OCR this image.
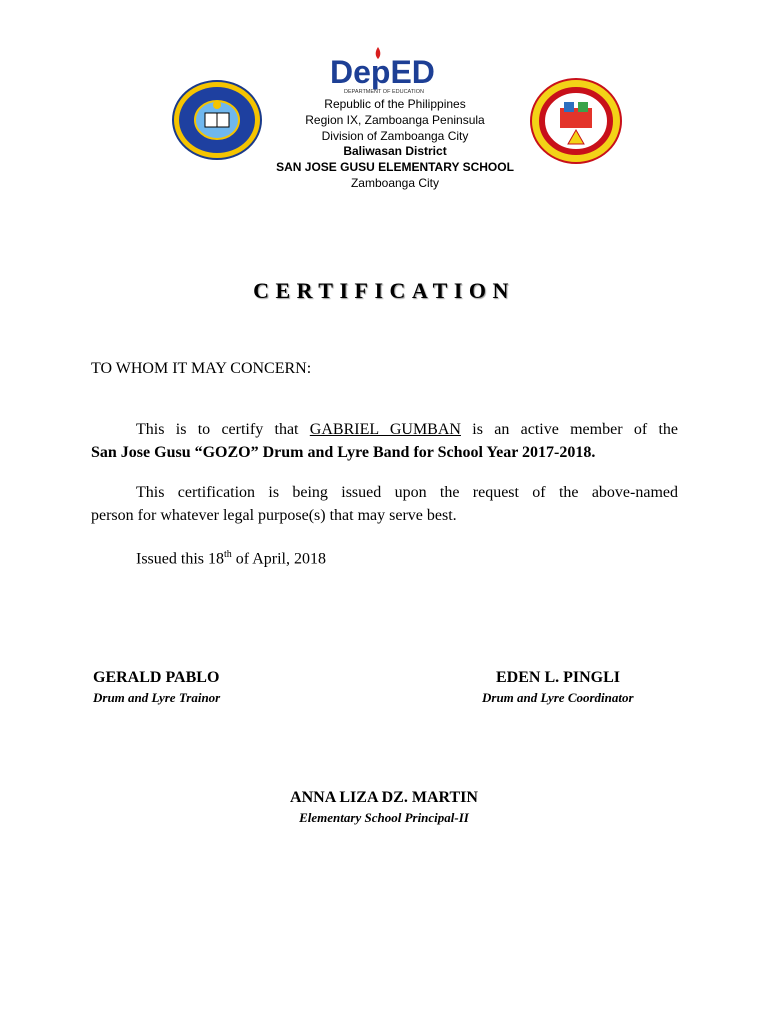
DepED
DEPARTMENT OF EDUCATION
Republic of the Philippines
Region IX, Zamboanga Peninsula
Division of Zamboanga City
Baliwasan District
SAN JOSE GUSU ELEMENTARY SCHOOL
Zamboanga City
CERTIFICATION
TO WHOM IT MAY CONCERN:
This is to certify that GABRIEL GUMBAN is an active member of the
San Jose Gusu “GOZO” Drum and Lyre Band for School Year 2017-2018.
This certification is being issued upon the request of the above-named
person for whatever legal purpose(s) that may serve best.
Issued this 18th of April, 2018
GERALD PABLO
Drum and Lyre Trainor
EDEN L. PINGLI
Drum and Lyre Coordinator
ANNA LIZA DZ. MARTIN
Elementary School Principal-II
